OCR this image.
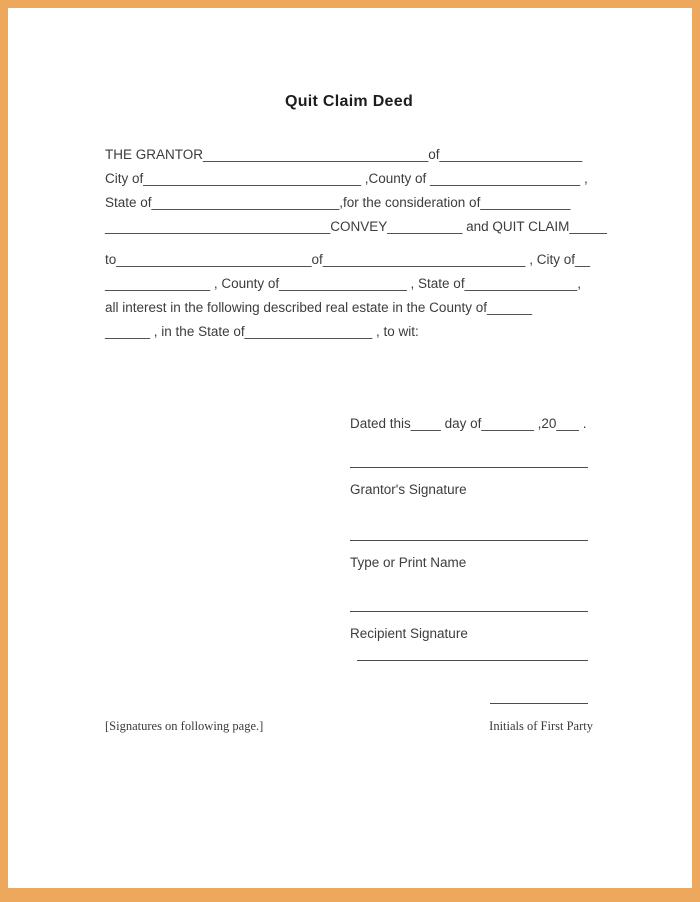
Quit Claim Deed
THE GRANTOR______________________________of___________________
City of_____________________________ ,County of ____________________ ,
State of_________________________,for the consideration of____________
______________________________CONVEY__________ and QUIT CLAIM_____
to__________________________of___________________________ , City of__
______________ , County of_________________ , State of_______________,
all interest in the following described real estate in the County of______
______ , in the State of_________________ , to wit:
Dated this____ day of_______ ,20___ .
Grantor's Signature
Type or Print Name
Recipient Signature
[Signatures on following page.]	Initials of First Party
